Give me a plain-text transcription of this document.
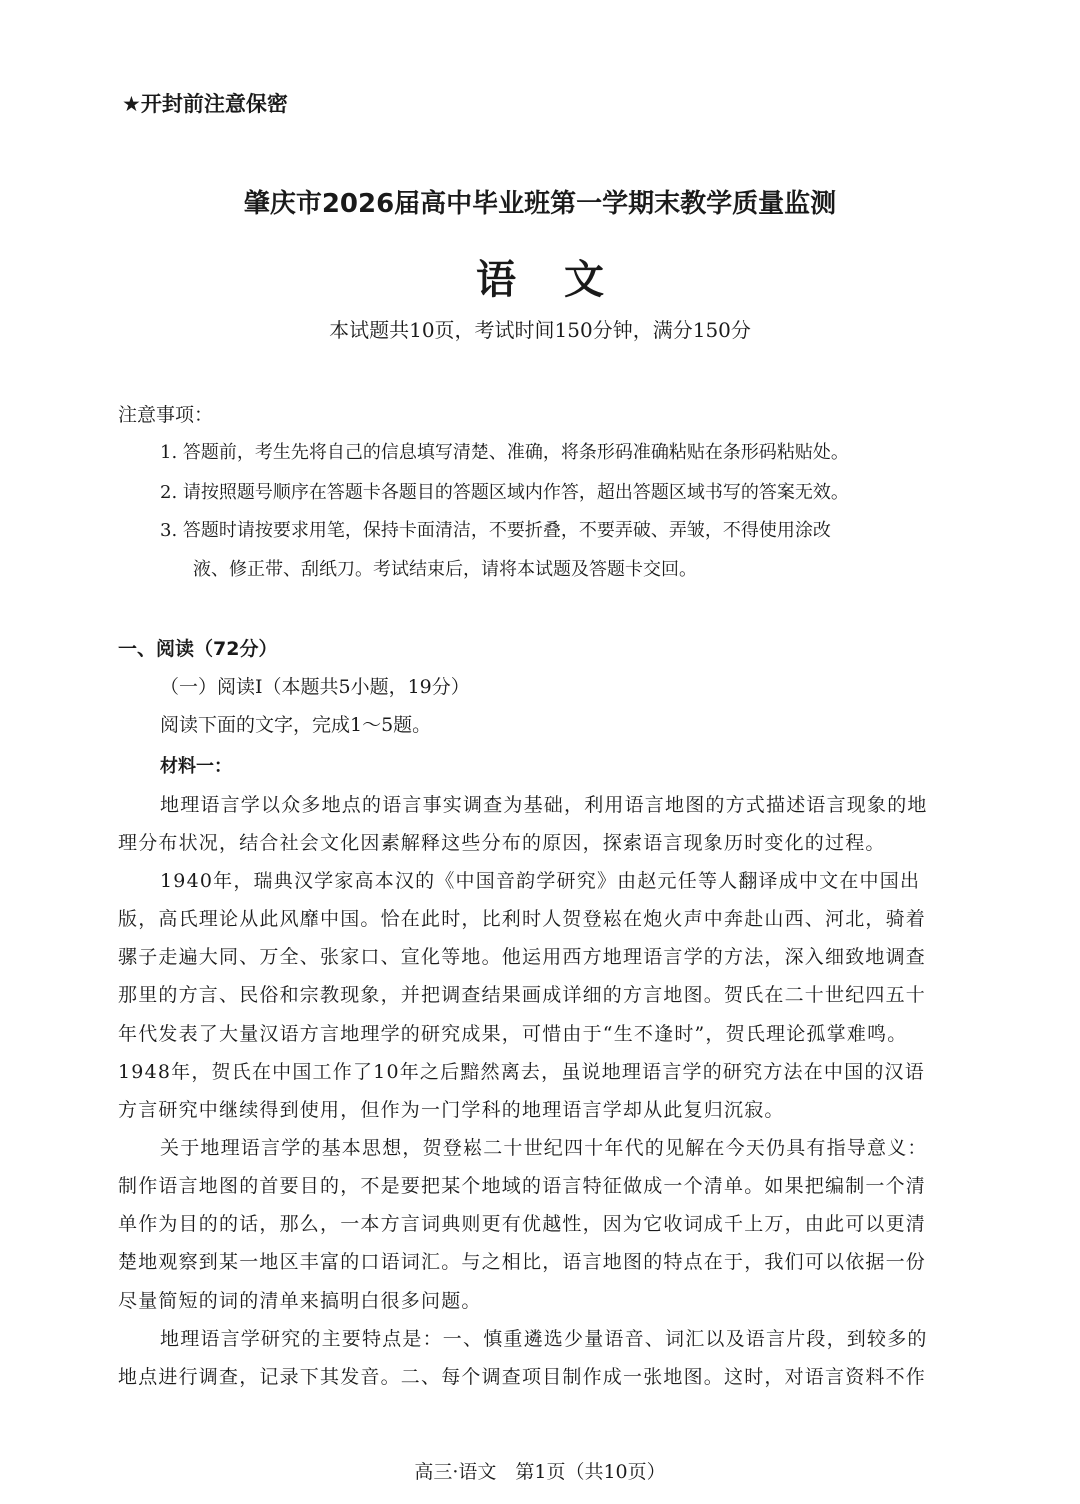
★开封前注意保密
肇庆市2026届高中毕业班第一学期末教学质量监测
语文
本试题共10页，考试时间150分钟，满分150分
注意事项：
1. 答题前，考生先将自己的信息填写清楚、准确，将条形码准确粘贴在条形码粘贴处。
2. 请按照题号顺序在答题卡各题目的答题区域内作答，超出答题区域书写的答案无效。
3. 答题时请按要求用笔，保持卡面清洁，不要折叠，不要弄破、弄皱，不得使用涂改
液、修正带、刮纸刀。考试结束后，请将本试题及答题卡交回。
一、阅读（72分）
（一）阅读Ⅰ（本题共5小题，19分）
阅读下面的文字，完成1～5题。
材料一：
地理语言学以众多地点的语言事实调查为基础，利用语言地图的方式描述语言现象的地
理分布状况，结合社会文化因素解释这些分布的原因，探索语言现象历时变化的过程。
1940年，瑞典汉学家高本汉的《中国音韵学研究》由赵元任等人翻译成中文在中国出
版，高氏理论从此风靡中国。恰在此时，比利时人贺登崧在炮火声中奔赴山西、河北，骑着
骡子走遍大同、万全、张家口、宣化等地。他运用西方地理语言学的方法，深入细致地调查
那里的方言、民俗和宗教现象，并把调查结果画成详细的方言地图。贺氏在二十世纪四五十
年代发表了大量汉语方言地理学的研究成果，可惜由于“生不逢时”，贺氏理论孤掌难鸣。
1948年，贺氏在中国工作了10年之后黯然离去，虽说地理语言学的研究方法在中国的汉语
方言研究中继续得到使用，但作为一门学科的地理语言学却从此复归沉寂。
关于地理语言学的基本思想，贺登崧二十世纪四十年代的见解在今天仍具有指导意义：
制作语言地图的首要目的，不是要把某个地域的语言特征做成一个清单。如果把编制一个清
单作为目的的话，那么，一本方言词典则更有优越性，因为它收词成千上万，由此可以更清
楚地观察到某一地区丰富的口语词汇。与之相比，语言地图的特点在于，我们可以依据一份
尽量简短的词的清单来搞明白很多问题。
地理语言学研究的主要特点是：一、慎重遴选少量语音、词汇以及语言片段，到较多的
地点进行调查，记录下其发音。二、每个调查项目制作成一张地图。这时，对语言资料不作
高三·语文　第1页（共10页）
